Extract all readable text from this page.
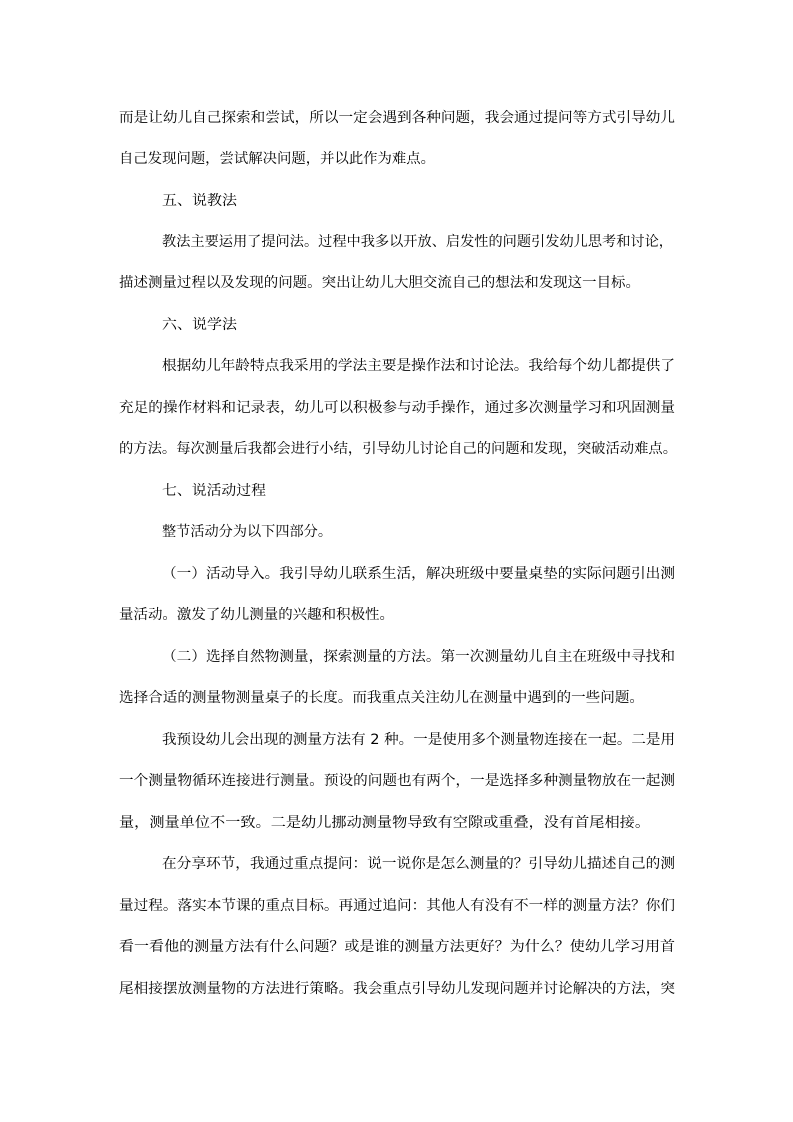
而是让幼儿自己探索和尝试，所以一定会遇到各种问题，我会通过提问等方式引导幼儿
自己发现问题，尝试解决问题，并以此作为难点。
五、说教法
教法主要运用了提问法。过程中我多以开放、启发性的问题引发幼儿思考和讨论，
描述测量过程以及发现的问题。突出让幼儿大胆交流自己的想法和发现这一目标。
六、说学法
根据幼儿年龄特点我采用的学法主要是操作法和讨论法。我给每个幼儿都提供了
充足的操作材料和记录表，幼儿可以积极参与动手操作，通过多次测量学习和巩固测量
的方法。每次测量后我都会进行小结，引导幼儿讨论自己的问题和发现，突破活动难点。
七、说活动过程
整节活动分为以下四部分。
（一）活动导入。我引导幼儿联系生活，解决班级中要量桌垫的实际问题引出测
量活动。激发了幼儿测量的兴趣和积极性。
（二）选择自然物测量，探索测量的方法。第一次测量幼儿自主在班级中寻找和
选择合适的测量物测量桌子的长度。而我重点关注幼儿在测量中遇到的一些问题。
我预设幼儿会出现的测量方法有 2 种。一是使用多个测量物连接在一起。二是用
一个测量物循环连接进行测量。预设的问题也有两个，一是选择多种测量物放在一起测
量，测量单位不一致。二是幼儿挪动测量物导致有空隙或重叠，没有首尾相接。
在分享环节，我通过重点提问：说一说你是怎么测量的？引导幼儿描述自己的测
量过程。落实本节课的重点目标。再通过追问：其他人有没有不一样的测量方法？你们
看一看他的测量方法有什么问题？或是谁的测量方法更好？为什么？使幼儿学习用首
尾相接摆放测量物的方法进行策略。我会重点引导幼儿发现问题并讨论解决的方法，突
